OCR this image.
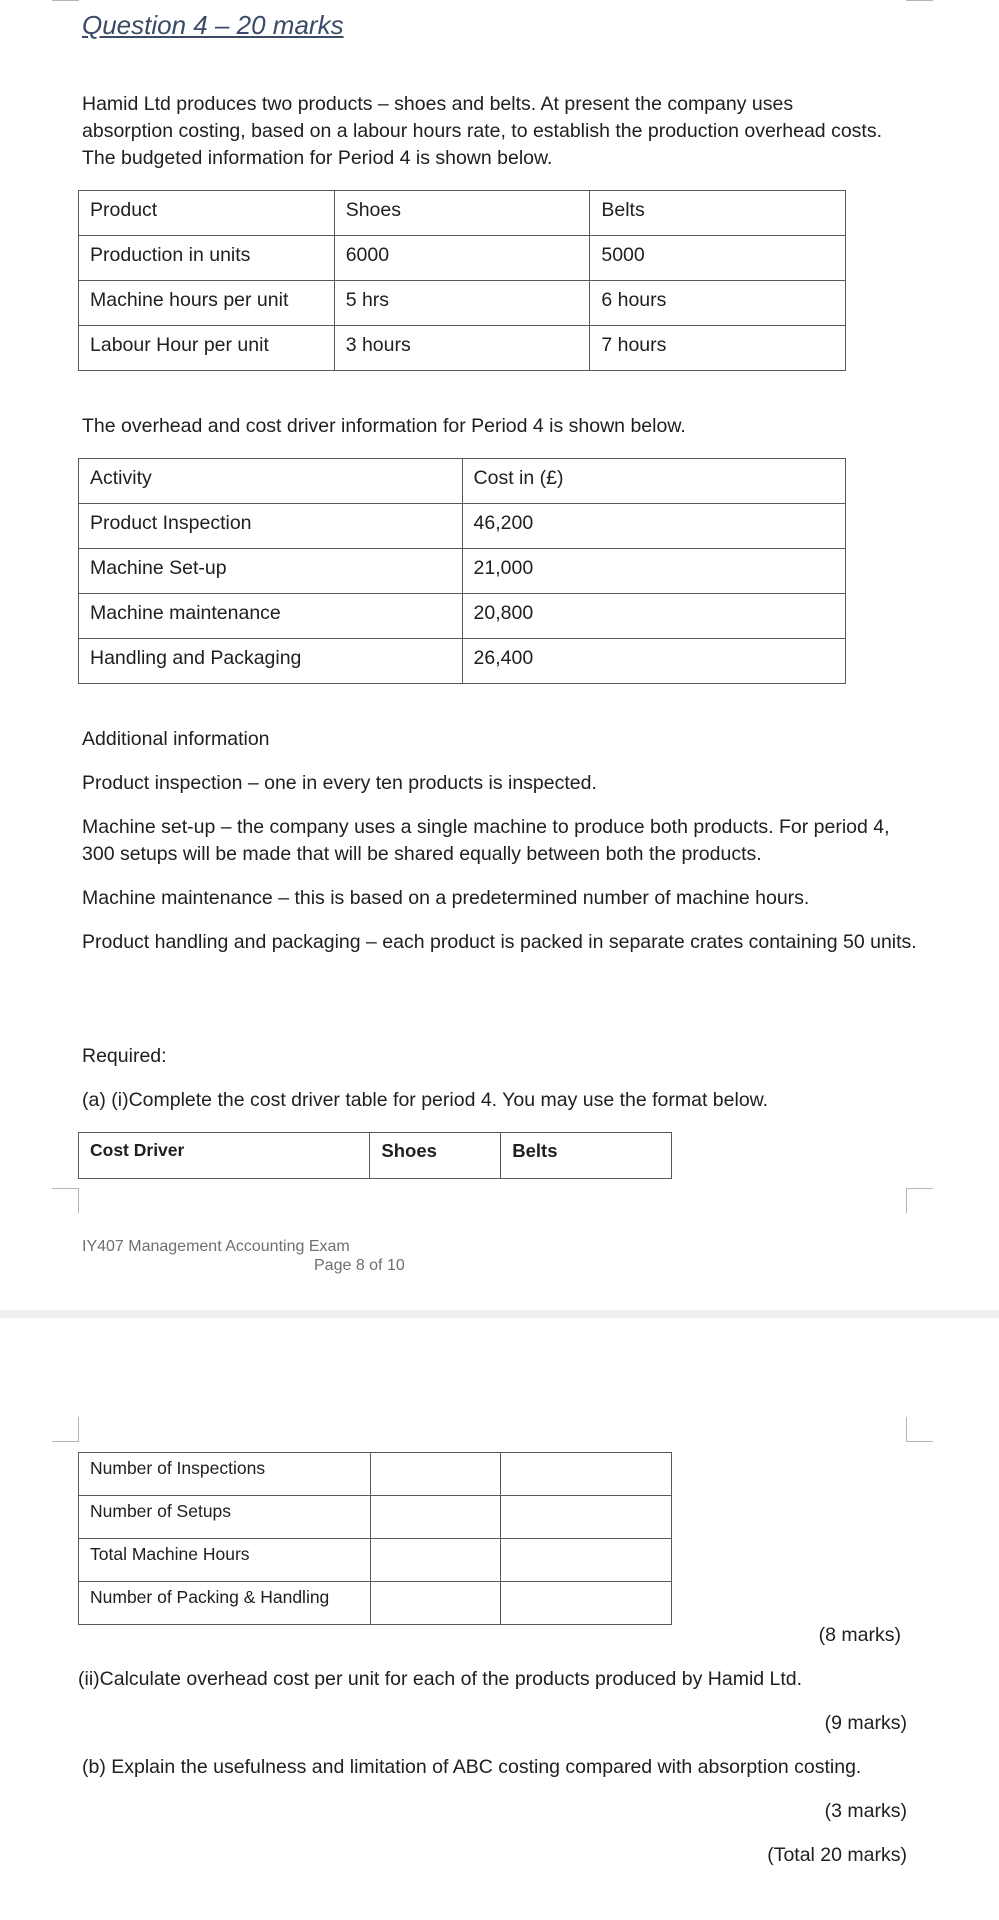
Question 4 – 20 marks
Hamid Ltd produces two products – shoes and belts. At present the company uses absorption costing, based on a labour hours rate, to establish the production overhead costs. The budgeted information for Period 4 is shown below.
Product	Shoes	Belts
Production in units	6000	5000
Machine hours per unit	5 hrs	6 hours
Labour Hour per unit	3 hours	7 hours
The overhead and cost driver information for Period 4 is shown below.
Activity	Cost in (£)
Product Inspection	46,200
Machine Set-up	21,000
Machine maintenance	20,800
Handling and Packaging	26,400
Additional information
Product inspection – one in every ten products is inspected.
Machine set-up – the company uses a single machine to produce both products. For period 4, 300 setups will be made that will be shared equally between both the products.
Machine maintenance – this is based on a predetermined number of machine hours.
Product handling and packaging – each product is packed in separate crates containing 50 units.
Required:
(a) (i)Complete the cost driver table for period 4. You may use the format below.
Cost Driver	Shoes	Belts
IY407 Management Accounting Exam
Page 8 of 10
Number of Inspections		
Number of Setups		
Total Machine Hours		
Number of Packing & Handling		
(8 marks)
(ii)Calculate overhead cost per unit for each of the products produced by Hamid Ltd.
(9 marks)
(b) Explain the usefulness and limitation of ABC costing compared with absorption costing.
(3 marks)
(Total 20 marks)
